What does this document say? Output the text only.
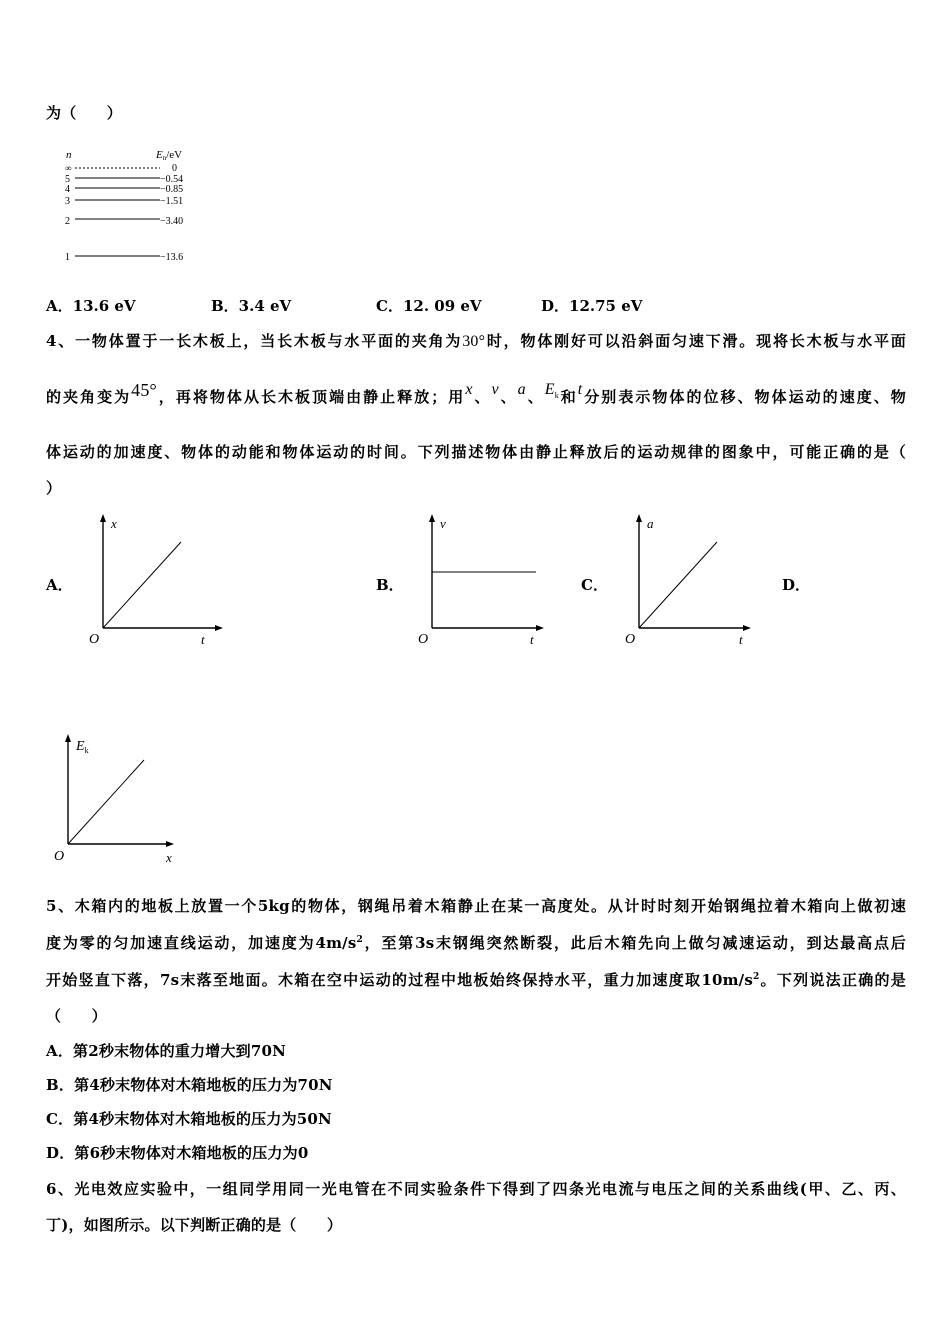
为（　　）
n	En/eV
∞	0
5	−0.54
4	−0.85
3	−1.51
2	−3.40
1	−13.6
A．13.6 eV	B．3.4 eV	C．12. 09 eV	D．12.75 eV
4、一物体置于一长木板上，当长木板与水平面的夹角为30°时，物体刚好可以沿斜面匀速下滑。现将长木板与水平面
的夹角变为45°，再将物体从长木板顶端由静止释放；用x、v、a、$E^k$和t分别表示物体的位移、物体运动的速度、物
体运动的加速度、物体的动能和物体运动的时间。下列描述物体由静止释放后的运动规律的图象中，可能正确的是（
）
A．
x
t
O
B．
v
t
O
C．
a
t
O
D．
$E_k$
x
O
5、木箱内的地板上放置一个5kg的物体，钢绳吊着木箱静止在某一高度处。从计时时刻开始钢绳拉着木箱向上做初速
度为零的匀加速直线运动，加速度为$4m/s^2$，至第3s末钢绳突然断裂，此后木箱先向上做匀减速运动，到达最高点后
开始竖直下落，7s末落至地面。木箱在空中运动的过程中地板始终保持水平，重力加速度取$10m/s^2$。下列说法正确的是
（　　）
A．第2秒末物体的重力增大到70N
B．第4秒末物体对木箱地板的压力为70N
C．第4秒末物体对木箱地板的压力为50N
D．第6秒末物体对木箱地板的压力为0
6、光电效应实验中，一组同学用同一光电管在不同实验条件下得到了四条光电流与电压之间的关系曲线(甲、乙、丙、
丁)，如图所示。以下判断正确的是（　　）
